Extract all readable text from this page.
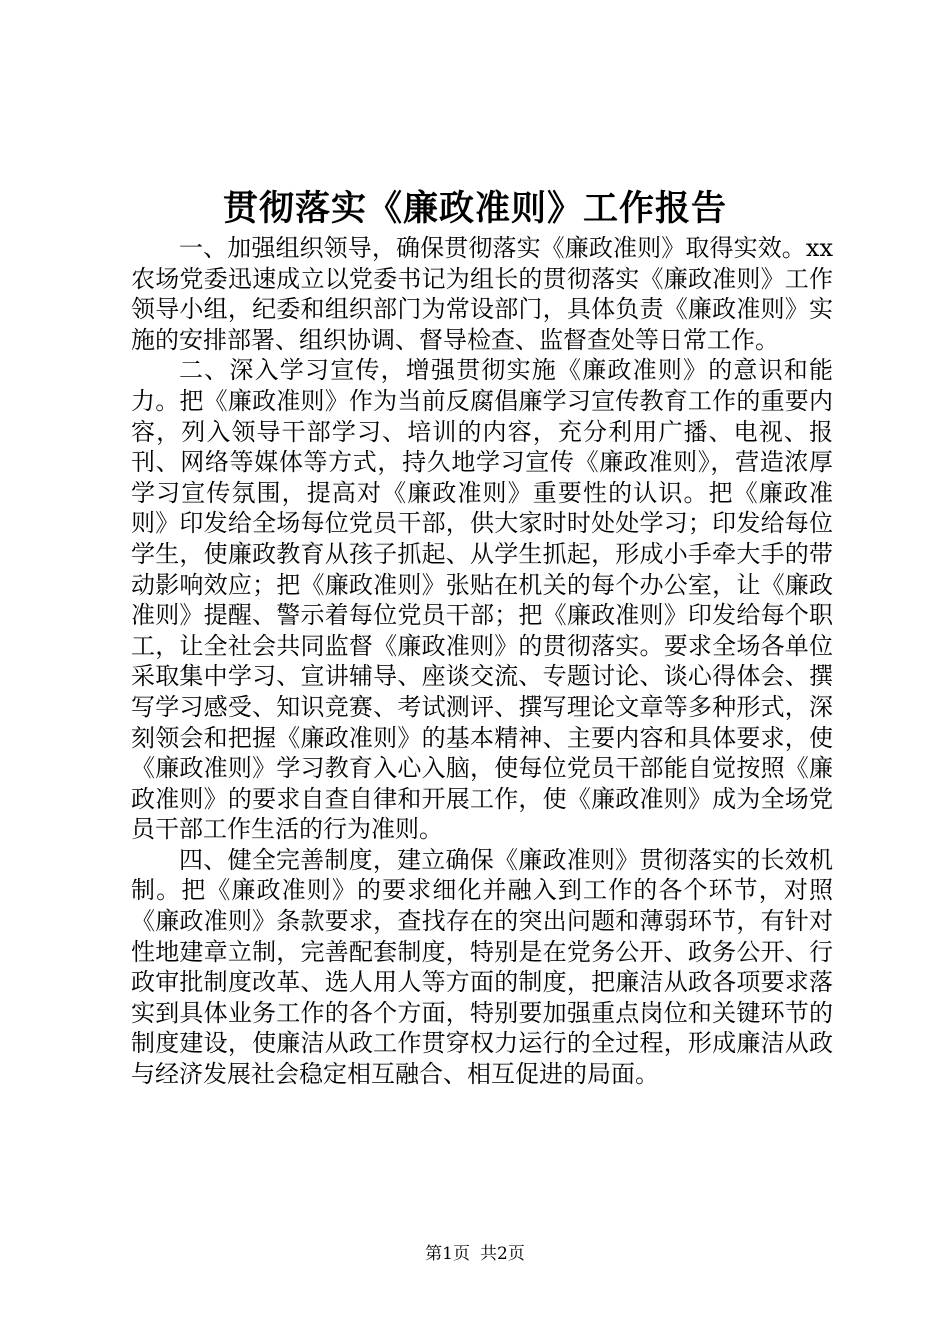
贯彻落实《廉政准则》工作报告

一、加强组织领导，确保贯彻落实《廉政准则》取得实效。xx农场党委迅速成立以党委书记为组长的贯彻落实《廉政准则》工作领导小组，纪委和组织部门为常设部门，具体负责《廉政准则》实施的安排部署、组织协调、督导检查、监督查处等日常工作。

二、深入学习宣传，增强贯彻实施《廉政准则》的意识和能力。把《廉政准则》作为当前反腐倡廉学习宣传教育工作的重要内容，列入领导干部学习、培训的内容，充分利用广播、电视、报刊、网络等媒体等方式，持久地学习宣传《廉政准则》，营造浓厚学习宣传氛围，提高对《廉政准则》重要性的认识。把《廉政准则》印发给全场每位党员干部，供大家时时处处学习；印发给每位学生，使廉政教育从孩子抓起、从学生抓起，形成小手牵大手的带动影响效应；把《廉政准则》张贴在机关的每个办公室，让《廉政准则》提醒、警示着每位党员干部；把《廉政准则》印发给每个职工，让全社会共同监督《廉政准则》的贯彻落实。要求全场各单位采取集中学习、宣讲辅导、座谈交流、专题讨论、谈心得体会、撰写学习感受、知识竞赛、考试测评、撰写理论文章等多种形式，深刻领会和把握《廉政准则》的基本精神、主要内容和具体要求，使《廉政准则》学习教育入心入脑，使每位党员干部能自觉按照《廉政准则》的要求自查自律和开展工作，使《廉政准则》成为全场党员干部工作生活的行为准则。

四、健全完善制度，建立确保《廉政准则》贯彻落实的长效机制。把《廉政准则》的要求细化并融入到工作的各个环节，对照《廉政准则》条款要求，查找存在的突出问题和薄弱环节，有针对性地建章立制，完善配套制度，特别是在党务公开、政务公开、行政审批制度改革、选人用人等方面的制度，把廉洁从政各项要求落实到具体业务工作的各个方面，特别要加强重点岗位和关键环节的制度建设，使廉洁从政工作贯穿权力运行的全过程，形成廉洁从政与经济发展社会稳定相互融合、相互促进的局面。

第1页 共2页
